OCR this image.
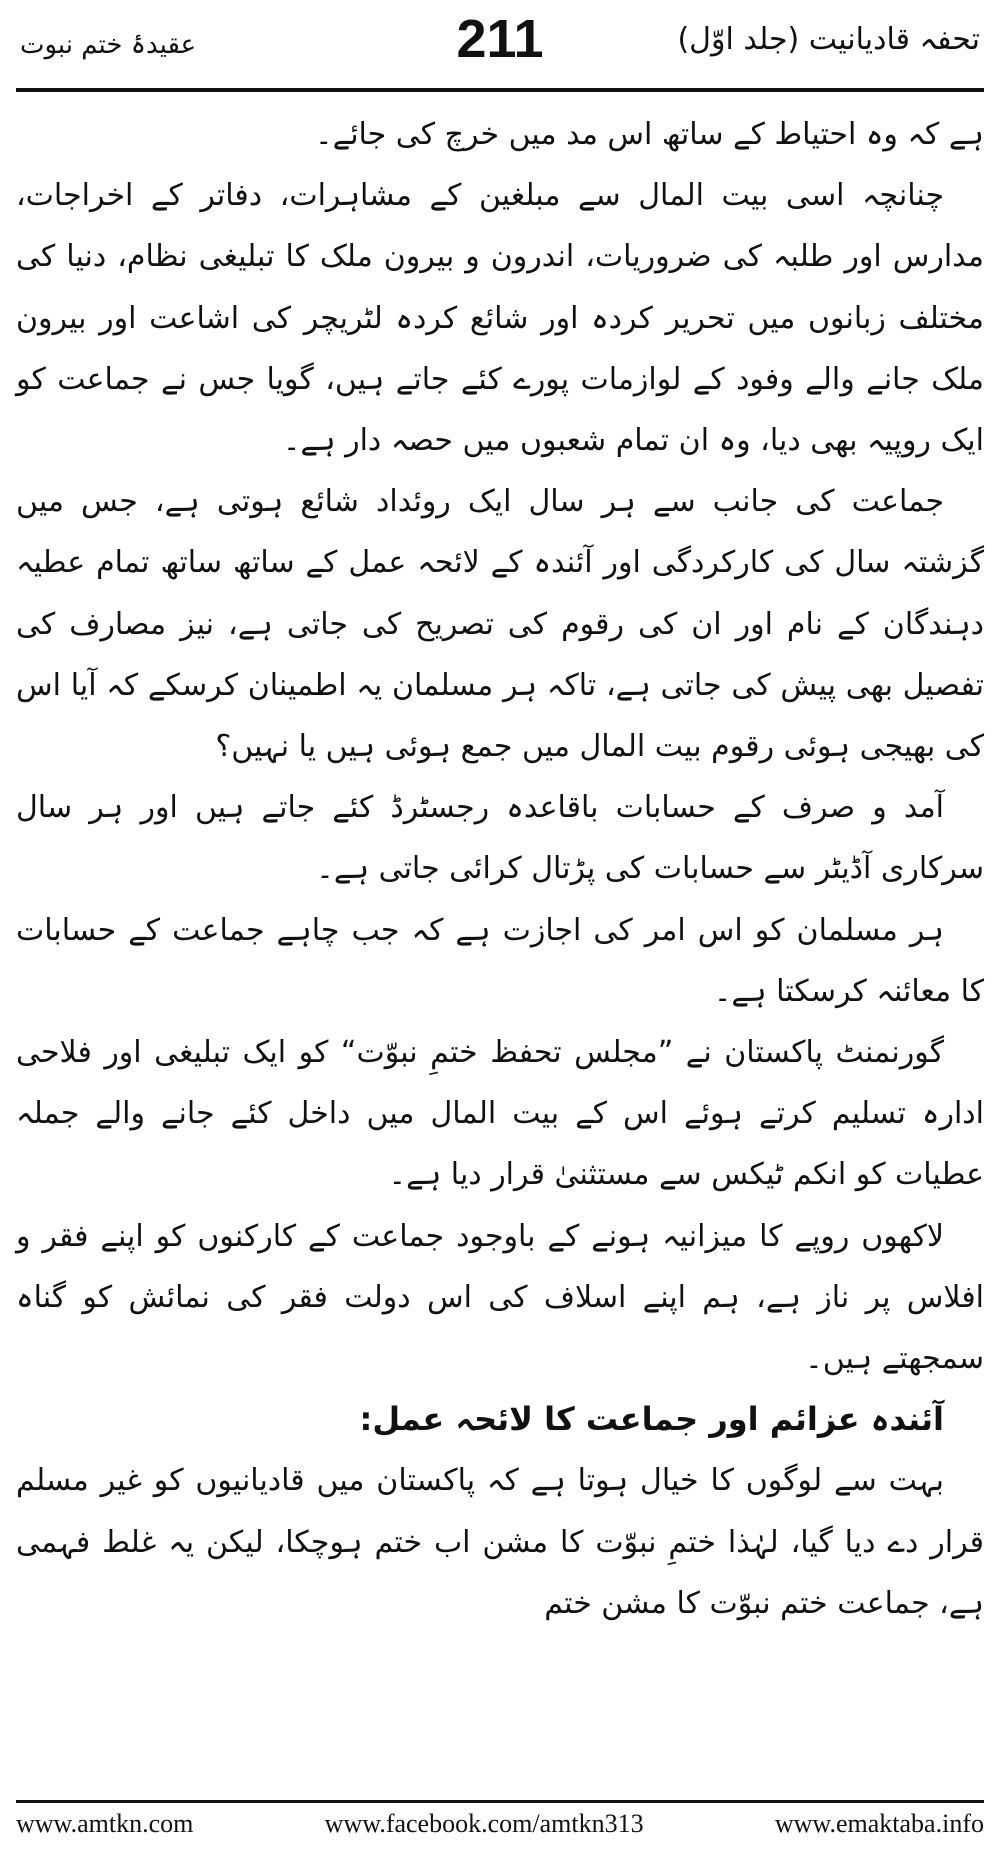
تحفہ قادیانیت (جلد اوّل)
211
عقیدۂ ختم نبوت

ہے کہ وہ احتیاط کے ساتھ اس مد میں خرچ کی جائے۔

چنانچہ اسی بیت المال سے مبلغین کے مشاہرات، دفاتر کے اخراجات، مدارس اور طلبہ کی ضروریات، اندرون و بیرون ملک کا تبلیغی نظام، دنیا کی مختلف زبانوں میں تحریر کردہ اور شائع کردہ لٹریچر کی اشاعت اور بیرون ملک جانے والے وفود کے لوازمات پورے کئے جاتے ہیں، گویا جس نے جماعت کو ایک روپیہ بھی دیا، وہ ان تمام شعبوں میں حصہ دار ہے۔

جماعت کی جانب سے ہر سال ایک روئداد شائع ہوتی ہے، جس میں گزشتہ سال کی کارکردگی اور آئندہ کے لائحہ عمل کے ساتھ ساتھ تمام عطیہ دہندگان کے نام اور ان کی رقوم کی تصریح کی جاتی ہے، نیز مصارف کی تفصیل بھی پیش کی جاتی ہے، تاکہ ہر مسلمان یہ اطمینان کرسکے کہ آیا اس کی بھیجی ہوئی رقوم بیت المال میں جمع ہوئی ہیں یا نہیں؟

آمد و صرف کے حسابات باقاعدہ رجسٹرڈ کئے جاتے ہیں اور ہر سال سرکاری آڈیٹر سے حسابات کی پڑتال کرائی جاتی ہے۔

ہر مسلمان کو اس امر کی اجازت ہے کہ جب چاہے جماعت کے حسابات کا معائنہ کرسکتا ہے۔

گورنمنٹ پاکستان نے ”مجلس تحفظ ختمِ نبوّت“ کو ایک تبلیغی اور فلاحی ادارہ تسلیم کرتے ہوئے اس کے بیت المال میں داخل کئے جانے والے جملہ عطیات کو انکم ٹیکس سے مستثنیٰ قرار دیا ہے۔

لاکھوں روپے کا میزانیہ ہونے کے باوجود جماعت کے کارکنوں کو اپنے فقر و افلاس پر ناز ہے، ہم اپنے اسلاف کی اس دولت فقر کی نمائش کو گناہ سمجھتے ہیں۔

آئندہ عزائم اور جماعت کا لائحہ عمل:

بہت سے لوگوں کا خیال ہوتا ہے کہ پاکستان میں قادیانیوں کو غیر مسلم قرار دے دیا گیا، لہٰذا ختمِ نبوّت کا مشن اب ختم ہوچکا، لیکن یہ غلط فہمی ہے، جماعت ختم نبوّت کا مشن ختم

www.amtkn.com	www.facebook.com/amtkn313	www.emaktaba.info
